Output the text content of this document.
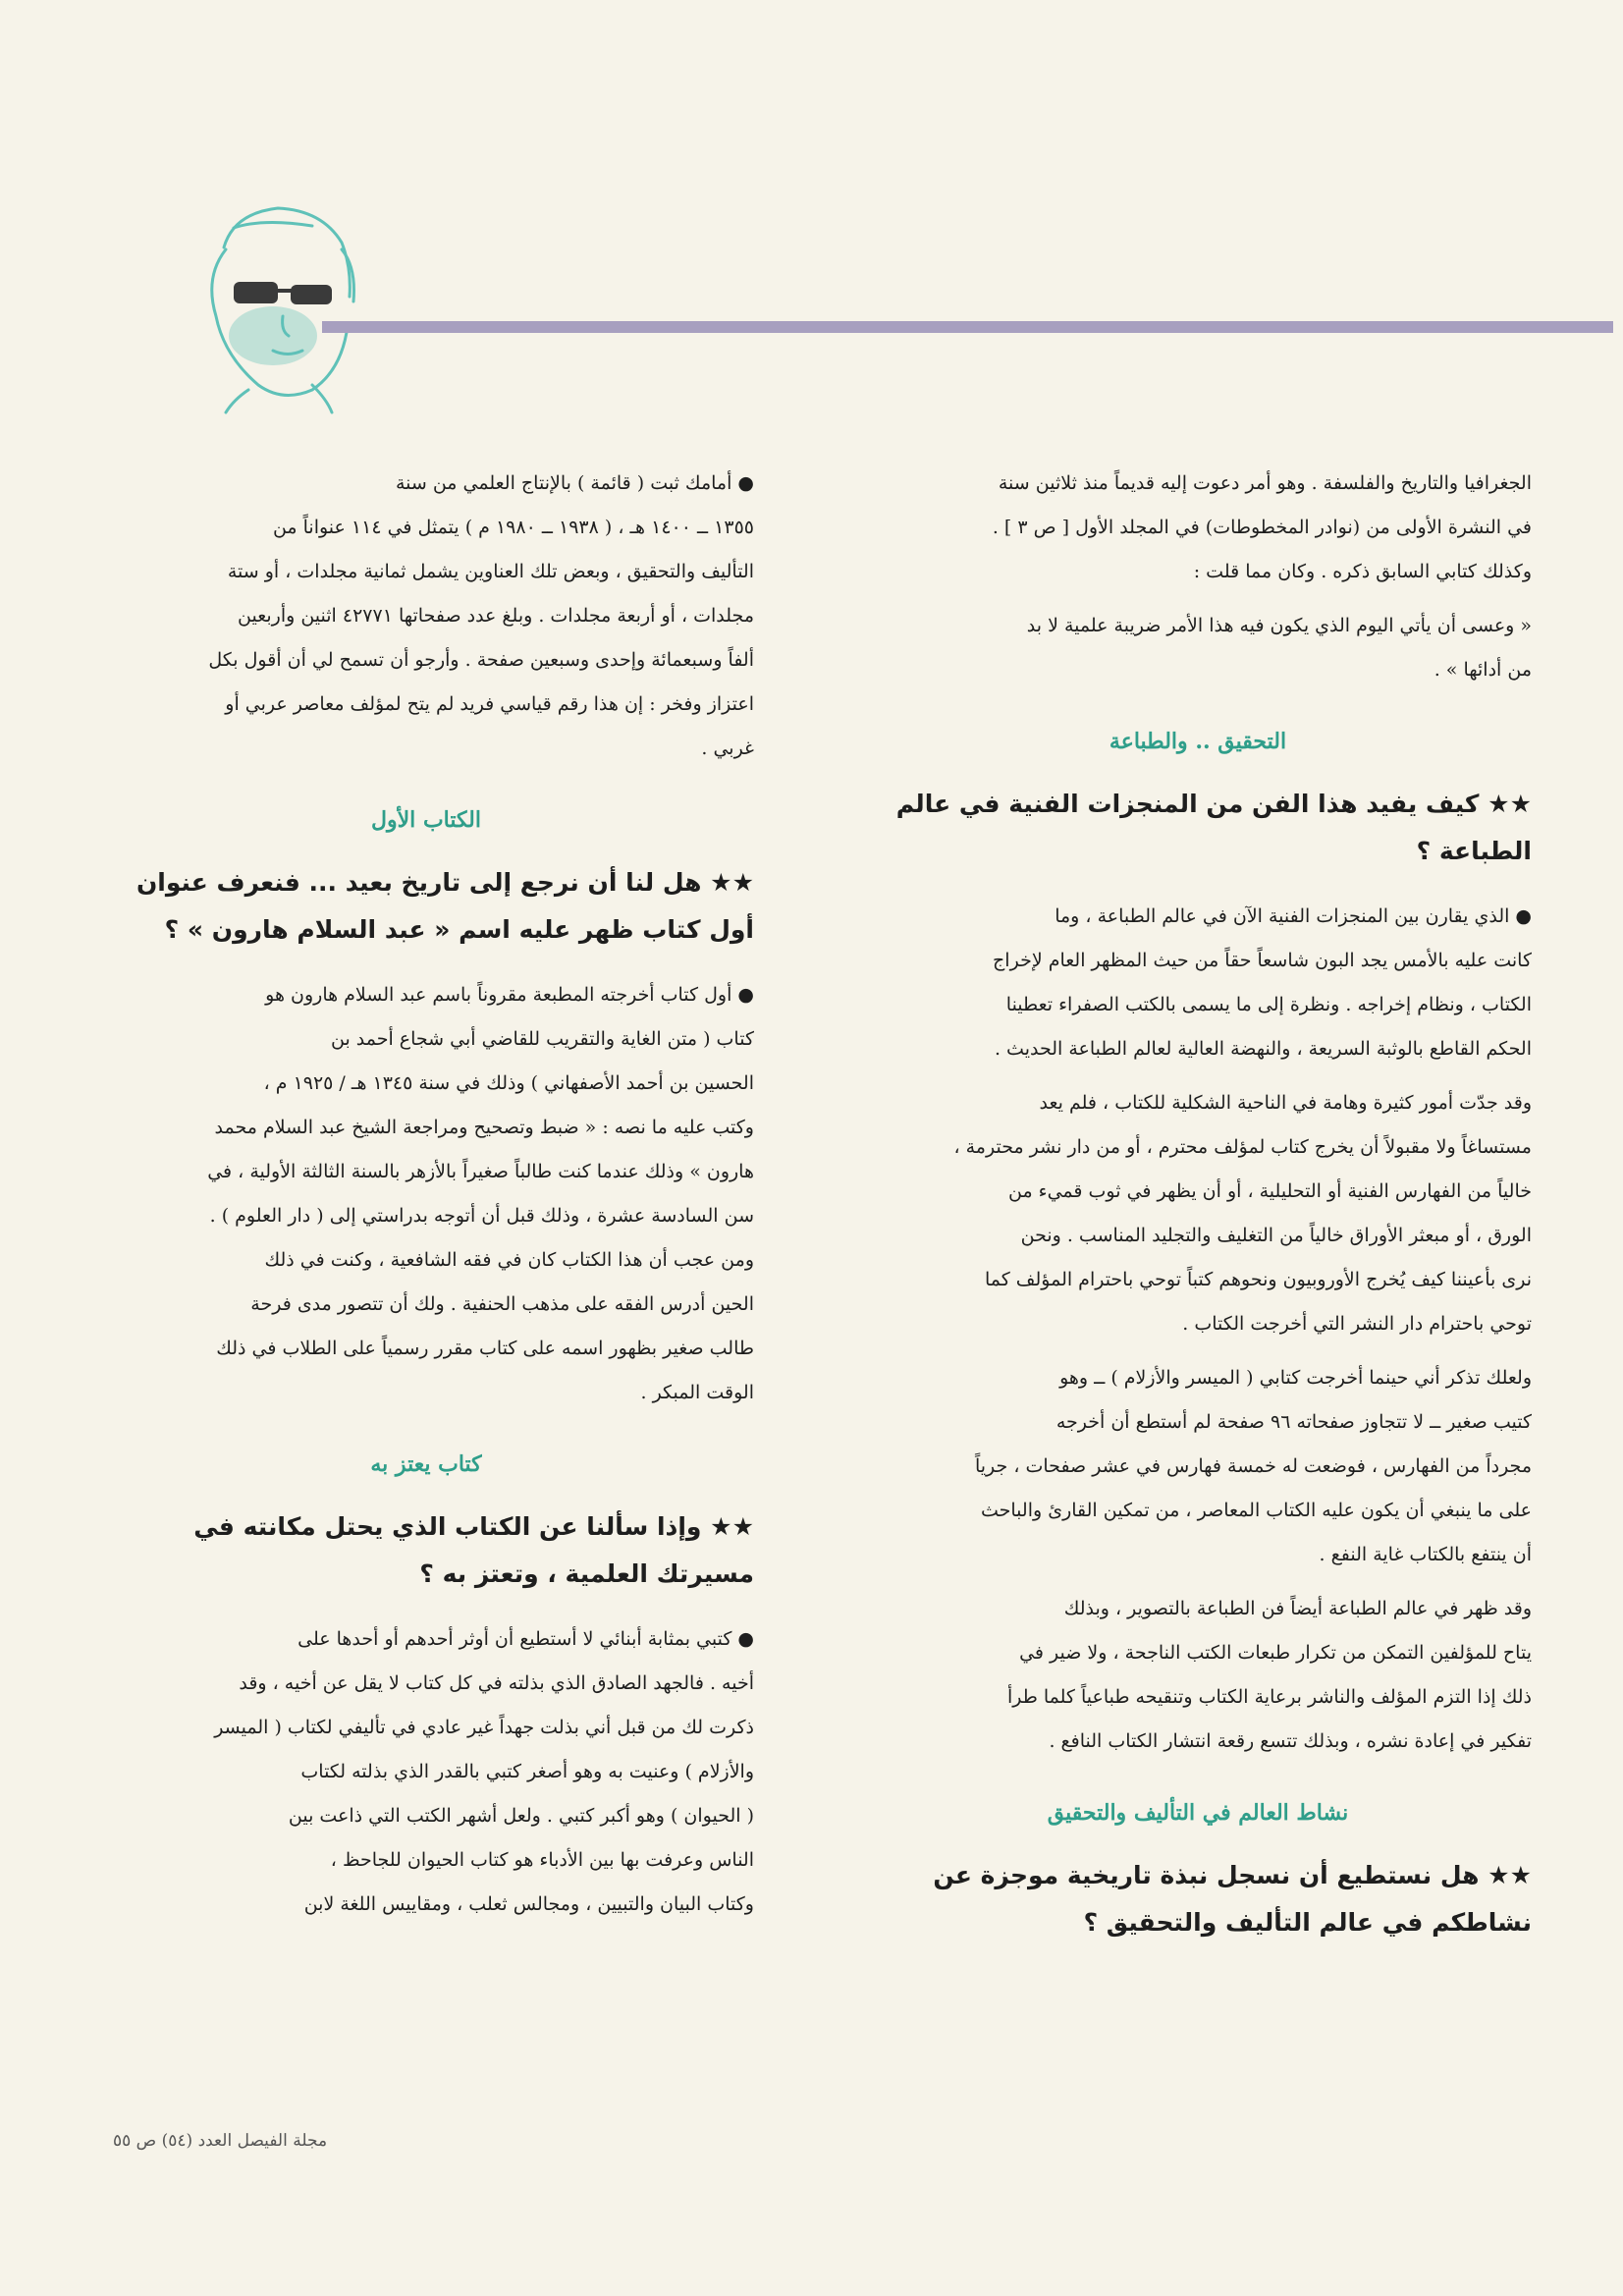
الجغرافيا والتاريخ والفلسفة . وهو أمر دعوت إليه قديماً منذ ثلاثين سنة
في النشرة الأولى من (نوادر المخطوطات) في المجلد الأول [ ص ٣ ] .
وكذلك كتابي السابق ذكره . وكان مما قلت :
« وعسى أن يأتي اليوم الذي يكون فيه هذا الأمر ضريبة علمية لا بد
من أدائها » .
التحقيق .. والطباعة
★★ كيف يفيد هذا الفن من المنجزات الفنية في عالم
الطباعة ؟
● الذي يقارن بين المنجزات الفنية الآن في عالم الطباعة ، وما
كانت عليه بالأمس يجد البون شاسعاً حقاً من حيث المظهر العام لإخراج
الكتاب ، ونظام إخراجه . ونظرة إلى ما يسمى بالكتب الصفراء تعطينا
الحكم القاطع بالوثبة السريعة ، والنهضة العالية لعالم الطباعة الحديث .
وقد جدّت أمور كثيرة وهامة في الناحية الشكلية للكتاب ، فلم يعد
مستساغاً ولا مقبولاً أن يخرج كتاب لمؤلف محترم ، أو من دار نشر محترمة ،
خالياً من الفهارس الفنية أو التحليلية ، أو أن يظهر في ثوب قميء من
الورق ، أو مبعثر الأوراق خالياً من التغليف والتجليد المناسب . ونحن
نرى بأعيننا كيف يُخرج الأوروبيون ونحوهم كتباً توحي باحترام المؤلف كما
توحي باحترام دار النشر التي أخرجت الكتاب .
ولعلك تذكر أني حينما أخرجت كتابي ( الميسر والأزلام ) ــ وهو
كتيب صغير ــ لا تتجاوز صفحاته ٩٦ صفحة لم أستطع أن أخرجه
مجرداً من الفهارس ، فوضعت له خمسة فهارس في عشر صفحات ، جرياً
على ما ينبغي أن يكون عليه الكتاب المعاصر ، من تمكين القارئ والباحث
أن ينتفع بالكتاب غاية النفع .
وقد ظهر في عالم الطباعة أيضاً فن الطباعة بالتصوير ، وبذلك
يتاح للمؤلفين التمكن من تكرار طبعات الكتب الناجحة ، ولا ضير في
ذلك إذا التزم المؤلف والناشر برعاية الكتاب وتنقيحه طباعياً كلما طرأ
تفكير في إعادة نشره ، وبذلك تتسع رقعة انتشار الكتاب النافع .
نشاط العالم في التأليف والتحقيق
★★ هل نستطيع أن نسجل نبذة تاريخية موجزة عن
نشاطكم في عالم التأليف والتحقيق ؟
● أمامك ثبت ( قائمة ) بالإنتاج العلمي من سنة
١٣٥٥ ــ ١٤٠٠ هـ ، ( ١٩٣٨ ــ ١٩٨٠ م ) يتمثل في ١١٤ عنواناً من
التأليف والتحقيق ، وبعض تلك العناوين يشمل ثمانية مجلدات ، أو ستة
مجلدات ، أو أربعة مجلدات . وبلغ عدد صفحاتها ٤٢٧٧١ اثنين وأربعين
ألفاً وسبعمائة وإحدى وسبعين صفحة . وأرجو أن تسمح لي أن أقول بكل
اعتزاز وفخر : إن هذا رقم قياسي فريد لم يتح لمؤلف معاصر عربي أو
غربي .
الكتاب الأول
★★ هل لنا أن نرجع إلى تاريخ بعيد ... فنعرف عنوان
أول كتاب ظهر عليه اسم « عبد السلام هارون » ؟
● أول كتاب أخرجته المطبعة مقروناً باسم عبد السلام هارون هو
كتاب ( متن الغاية والتقريب للقاضي أبي شجاع أحمد بن
الحسين بن أحمد الأصفهاني ) وذلك في سنة ١٣٤٥ هـ / ١٩٢٥ م ،
وكتب عليه ما نصه : « ضبط وتصحيح ومراجعة الشيخ عبد السلام محمد
هارون » وذلك عندما كنت طالباً صغيراً بالأزهر بالسنة الثالثة الأولية ، في
سن السادسة عشرة ، وذلك قبل أن أتوجه بدراستي إلى ( دار العلوم ) .
ومن عجب أن هذا الكتاب كان في فقه الشافعية ، وكنت في ذلك
الحين أدرس الفقه على مذهب الحنفية . ولك أن تتصور مدى فرحة
طالب صغير بظهور اسمه على كتاب مقرر رسمياً على الطلاب في ذلك
الوقت المبكر .
كتاب يعتز به
★★ وإذا سألنا عن الكتاب الذي يحتل مكانته في
مسيرتك العلمية ، وتعتز به ؟
● كتبي بمثابة أبنائي لا أستطيع أن أوثر أحدهم أو أحدها على
أخيه . فالجهد الصادق الذي بذلته في كل كتاب لا يقل عن أخيه ، وقد
ذكرت لك من قبل أني بذلت جهداً غير عادي في تأليفي لكتاب ( الميسر
والأزلام ) وعنيت به وهو أصغر كتبي بالقدر الذي بذلته لكتاب
( الحيوان ) وهو أكبر كتبي . ولعل أشهر الكتب التي ذاعت بين
الناس وعرفت بها بين الأدباء هو كتاب الحيوان للجاحظ ،
وكتاب البيان والتبيين ، ومجالس ثعلب ، ومقاييس اللغة لابن
مجلة الفيصل العدد (٥٤) ص ٥٥
